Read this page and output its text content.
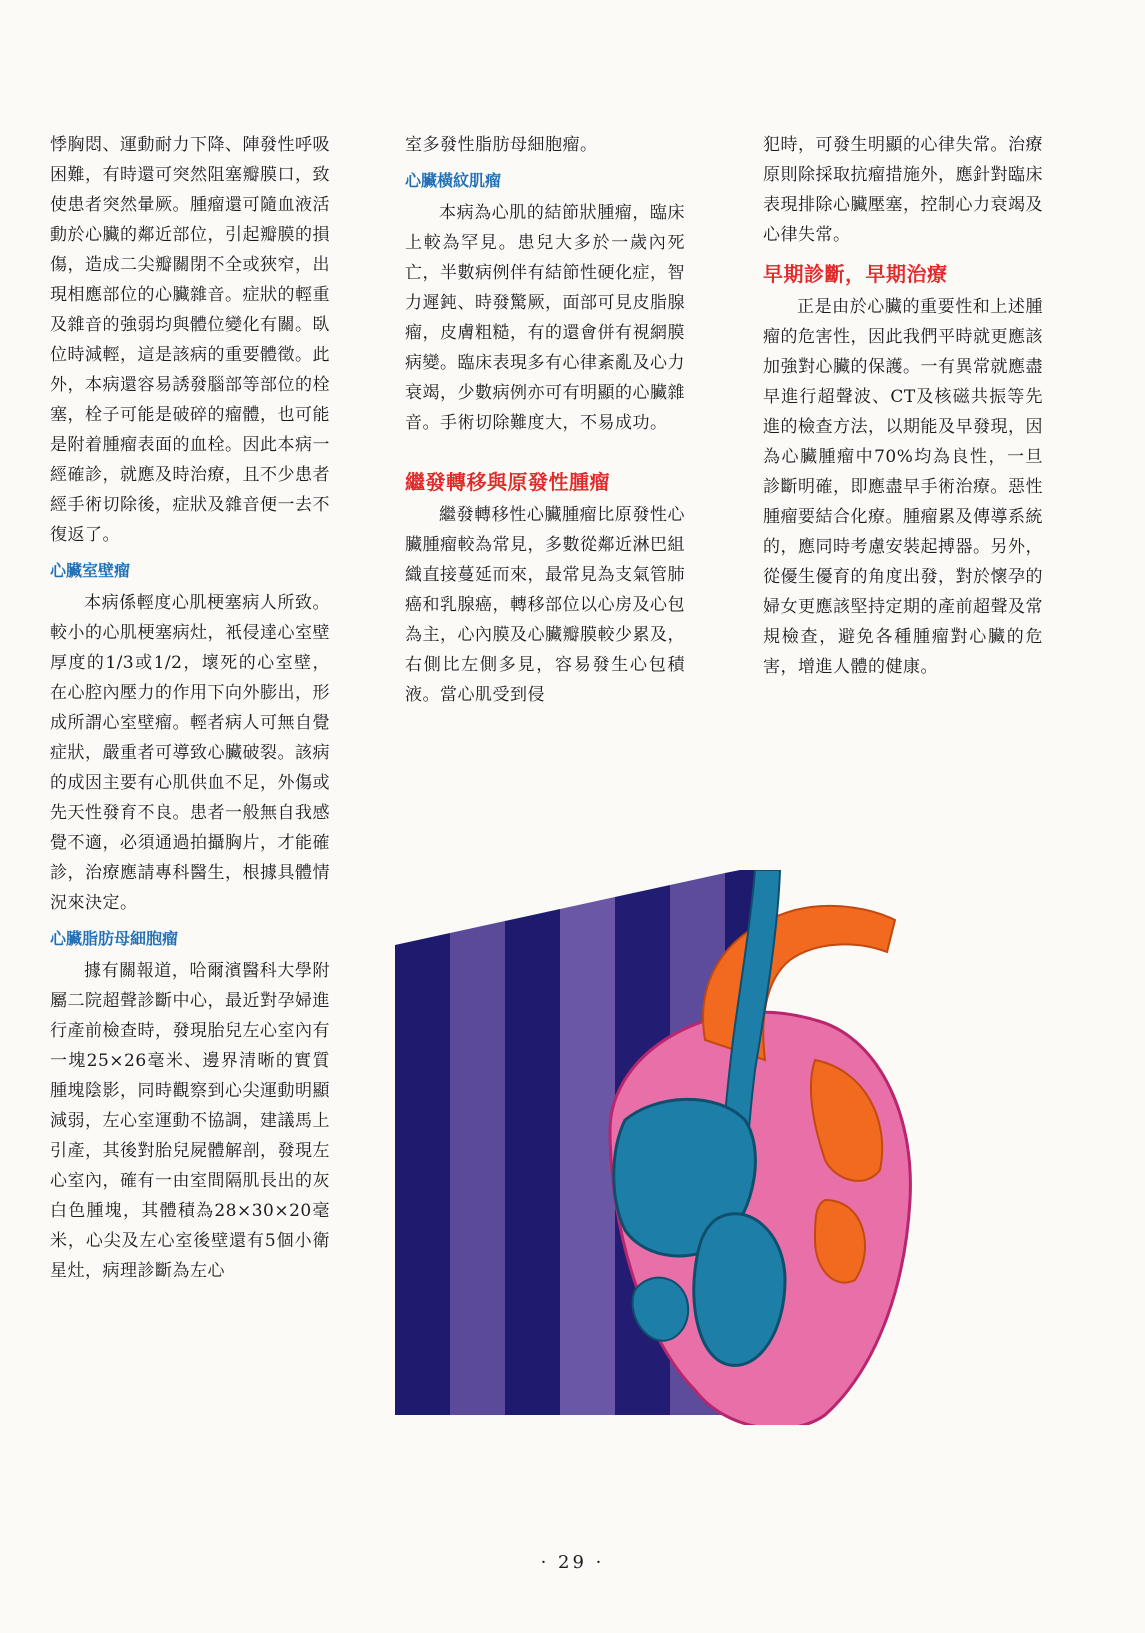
悸胸悶、運動耐力下降、陣發性呼吸困難，有時還可突然阻塞瓣膜口，致使患者突然暈厥。腫瘤還可隨血液活動於心臟的鄰近部位，引起瓣膜的損傷，造成二尖瓣關閉不全或狹窄，出現相應部位的心臟雜音。症狀的輕重及雜音的強弱均與體位變化有關。臥位時減輕，這是該病的重要體徵。此外，本病還容易誘發腦部等部位的栓塞，栓子可能是破碎的瘤體，也可能是附着腫瘤表面的血栓。因此本病一經確診，就應及時治療，且不少患者經手術切除後，症狀及雜音便一去不復返了。

心臟室壁瘤

本病係輕度心肌梗塞病人所致。較小的心肌梗塞病灶，衹侵達心室壁厚度的1/3或1/2，壞死的心室壁，在心腔內壓力的作用下向外膨出，形成所謂心室壁瘤。輕者病人可無自覺症狀，嚴重者可導致心臟破裂。該病的成因主要有心肌供血不足，外傷或先天性發育不良。患者一般無自我感覺不適，必須通過拍攝胸片，才能確診，治療應請專科醫生，根據具體情況來決定。

心臟脂肪母細胞瘤

據有關報道，哈爾濱醫科大學附屬二院超聲診斷中心，最近對孕婦進行產前檢查時，發現胎兒左心室內有一塊25×26毫米、邊界清晰的實質腫塊陰影，同時觀察到心尖運動明顯減弱，左心室運動不協調，建議馬上引產，其後對胎兒屍體解剖，發現左心室內，確有一由室間隔肌長出的灰白色腫塊，其體積為28×30×20毫米，心尖及左心室後壁還有5個小衛星灶，病理診斷為左心

室多發性脂肪母細胞瘤。

心臟橫紋肌瘤

本病為心肌的結節狀腫瘤，臨床上較為罕見。患兒大多於一歲內死亡，半數病例伴有結節性硬化症，智力遲鈍、時發驚厥，面部可見皮脂腺瘤，皮膚粗糙，有的還會併有視網膜病變。臨床表現多有心律紊亂及心力衰竭，少數病例亦可有明顯的心臟雜音。手術切除難度大，不易成功。

繼發轉移與原發性腫瘤

繼發轉移性心臟腫瘤比原發性心臟腫瘤較為常見，多數從鄰近淋巴組織直接蔓延而來，最常見為支氣管肺癌和乳腺癌，轉移部位以心房及心包為主，心內膜及心臟瓣膜較少累及，右側比左側多見，容易發生心包積液。當心肌受到侵

犯時，可發生明顯的心律失常。治療原則除採取抗瘤措施外，應針對臨床表現排除心臟壓塞，控制心力衰竭及心律失常。

早期診斷，早期治療

正是由於心臟的重要性和上述腫瘤的危害性，因此我們平時就更應該加強對心臟的保護。一有異常就應盡早進行超聲波、CT及核磁共振等先進的檢查方法，以期能及早發現，因為心臟腫瘤中70%均為良性，一旦診斷明確，即應盡早手術治療。惡性腫瘤要結合化療。腫瘤累及傳導系統的，應同時考慮安裝起搏器。另外，從優生優育的角度出發，對於懷孕的婦女更應該堅持定期的產前超聲及常規檢查，避免各種腫瘤對心臟的危害，增進人體的健康。

· 29 ·
